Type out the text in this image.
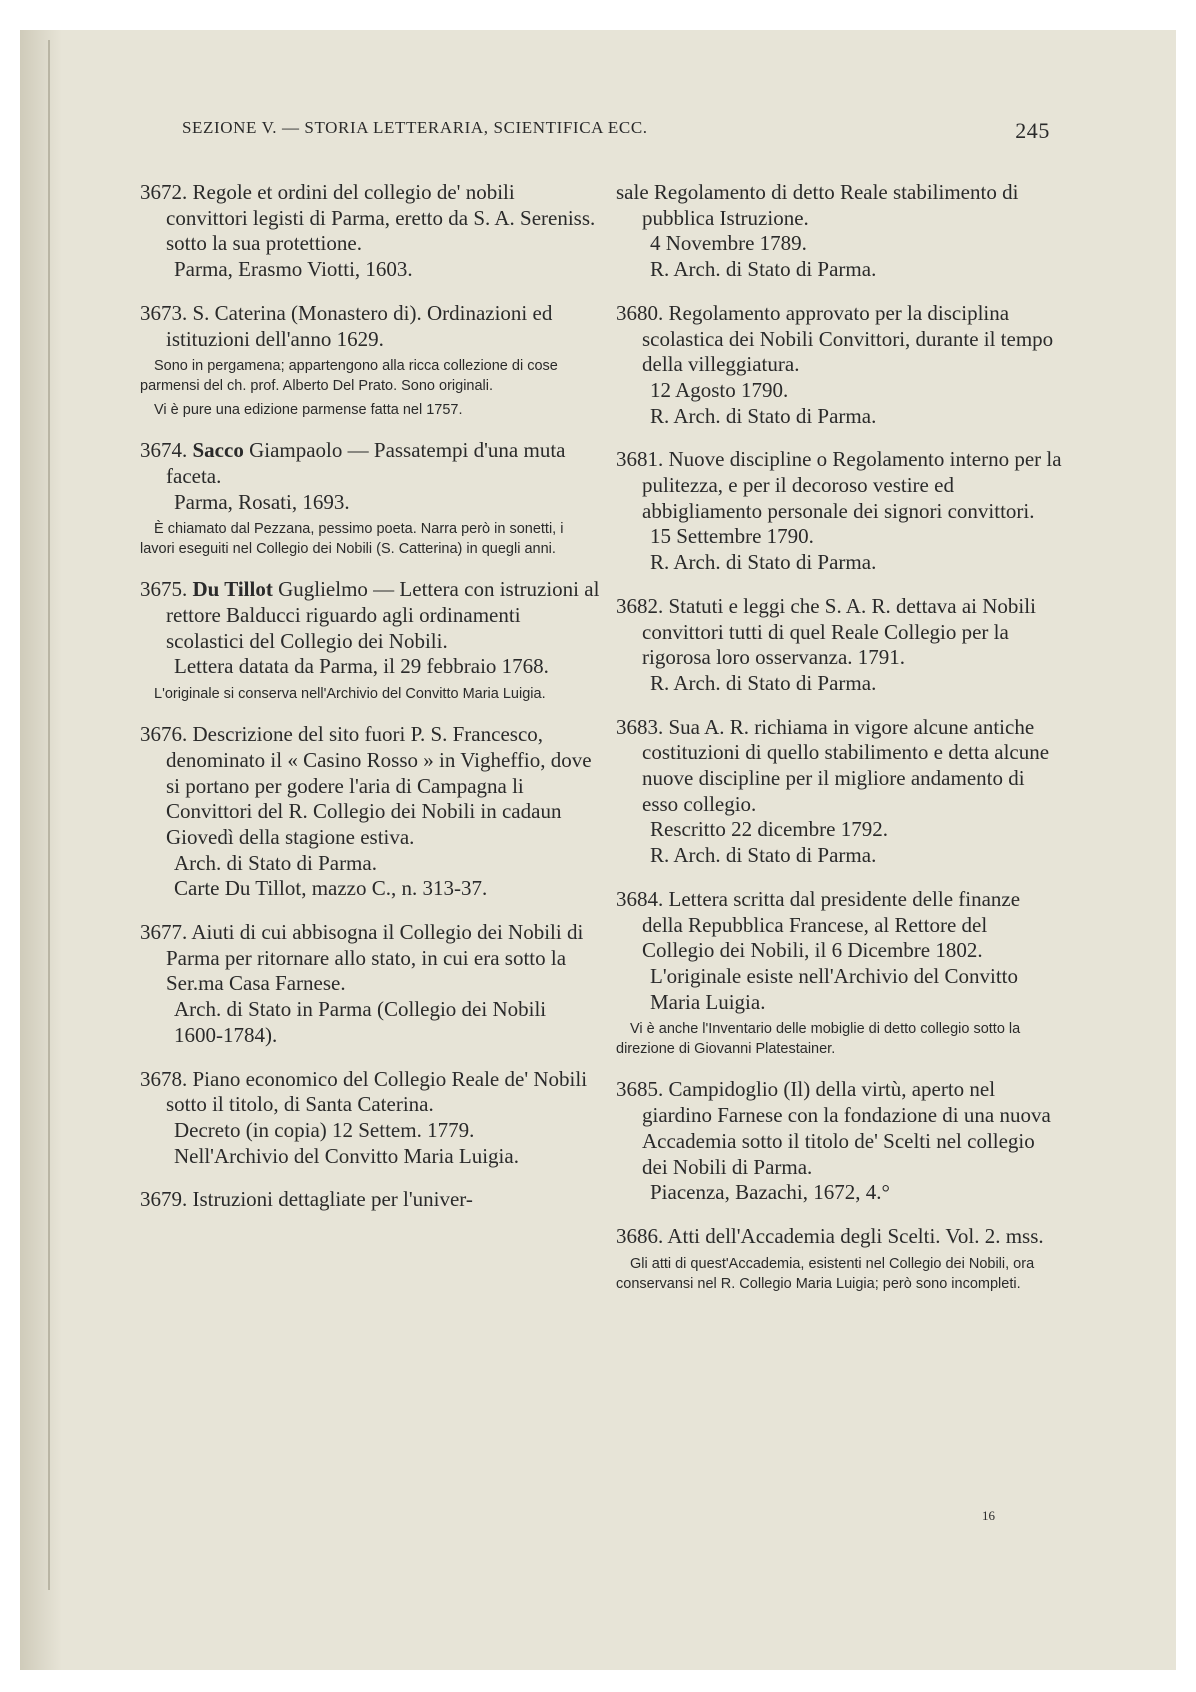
SEZIONE V. — STORIA LETTERARIA, SCIENTIFICA ECC.	245

3672. Regole et ordini del collegio de' nobili convittori legisti di Parma, eretto da S. A. Sereniss. sotto la sua protettione.

Parma, Erasmo Viotti, 1603.

3673. S. Caterina (Monastero di). Ordinazioni ed istituzioni dell'anno 1629.

Sono in pergamena; appartengono alla ricca collezione di cose parmensi del ch. prof. Alberto Del Prato. Sono originali.

Vi è pure una edizione parmense fatta nel 1757.

3674. Sacco Giampaolo — Passatempi d'una muta faceta.

Parma, Rosati, 1693.

È chiamato dal Pezzana, pessimo poeta. Narra però in sonetti, i lavori eseguiti nel Collegio dei Nobili (S. Catterina) in quegli anni.

3675. Du Tillot Guglielmo — Lettera con istruzioni al rettore Balducci riguardo agli ordinamenti scolastici del Collegio dei Nobili.

Lettera datata da Parma, il 29 febbraio 1768.

L'originale si conserva nell'Archivio del Convitto Maria Luigia.

3676. Descrizione del sito fuori P. S. Francesco, denominato il « Casino Rosso » in Vigheffio, dove si portano per godere l'aria di Campagna li Convittori del R. Collegio dei Nobili in cadaun Giovedì della stagione estiva.

Arch. di Stato di Parma.

Carte Du Tillot, mazzo C., n. 313-37.

3677. Aiuti di cui abbisogna il Collegio dei Nobili di Parma per ritornare allo stato, in cui era sotto la Ser.ma Casa Farnese.

Arch. di Stato in Parma (Collegio dei Nobili 1600-1784).

3678. Piano economico del Collegio Reale de' Nobili sotto il titolo, di Santa Caterina.

Decreto (in copia) 12 Settem. 1779.

Nell'Archivio del Convitto Maria Luigia.

3679. Istruzioni dettagliate per l'univer-

sale Regolamento di detto Reale stabilimento di pubblica Istruzione.

4 Novembre 1789.

R. Arch. di Stato di Parma.

3680. Regolamento approvato per la disciplina scolastica dei Nobili Convittori, durante il tempo della villeggiatura.

12 Agosto 1790.

R. Arch. di Stato di Parma.

3681. Nuove discipline o Regolamento interno per la pulitezza, e per il decoroso vestire ed abbigliamento personale dei signori convittori.

15 Settembre 1790.

R. Arch. di Stato di Parma.

3682. Statuti e leggi che S. A. R. dettava ai Nobili convittori tutti di quel Reale Collegio per la rigorosa loro osservanza. 1791.

R. Arch. di Stato di Parma.

3683. Sua A. R. richiama in vigore alcune antiche costituzioni di quello stabilimento e detta alcune nuove discipline per il migliore andamento di esso collegio.

Rescritto 22 dicembre 1792.

R. Arch. di Stato di Parma.

3684. Lettera scritta dal presidente delle finanze della Repubblica Francese, al Rettore del Collegio dei Nobili, il 6 Dicembre 1802.

L'originale esiste nell'Archivio del Convitto Maria Luigia.

Vi è anche l'Inventario delle mobiglie di detto collegio sotto la direzione di Giovanni Platestainer.

3685. Campidoglio (Il) della virtù, aperto nel giardino Farnese con la fondazione di una nuova Accademia sotto il titolo de' Scelti nel collegio dei Nobili di Parma.

Piacenza, Bazachi, 1672, 4.°

3686. Atti dell'Accademia degli Scelti. Vol. 2. mss.

Gli atti di quest'Accademia, esistenti nel Collegio dei Nobili, ora conservansi nel R. Collegio Maria Luigia; però sono incompleti.

16
